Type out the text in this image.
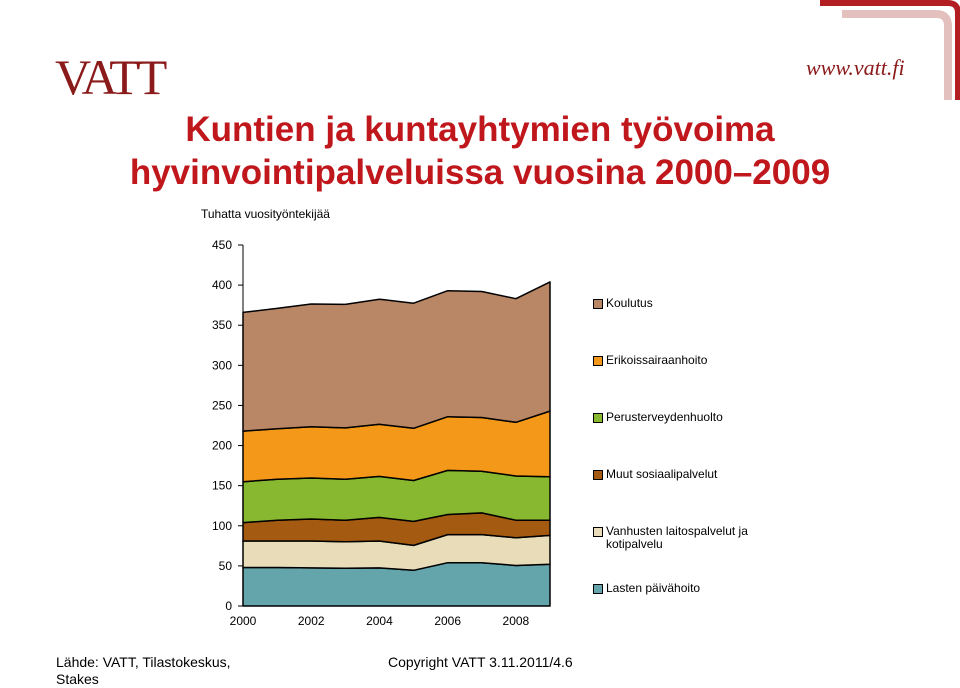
VATT	www.vatt.fi
Kuntien ja kuntayhtymien työvoima
hyvinvointipalveluissa vuosina 2000–2009
Tuhatta vuosityöntekijää
0
50
100
150
200
250
300
350
400
450
2000	2002	2004	2006	2008
Koulutus
Erikoissairaanhoito
Perusterveydenhuolto
Muut sosiaalipalvelut
Vanhusten laitospalvelut ja
kotipalvelu
Lasten päivähoito
Lähde: VATT, Tilastokeskus,
Stakes
Copyright VATT 3.11.2011/4.6
